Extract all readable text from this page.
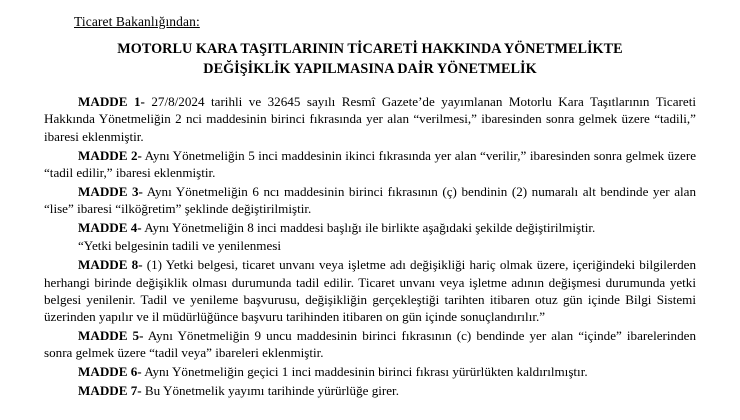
Ticaret Bakanlığından:
MOTORLU KARA TAŞITLARININ TİCARETİ HAKKINDA YÖNETMELİKTE
DEĞİŞİKLİK YAPILMASINA DAİR YÖNETMELİK

MADDE 1- 27/8/2024 tarihli ve 32645 sayılı Resmî Gazete’de yayımlanan Motorlu Kara Taşıtlarının Ticareti Hakkında Yönetmeliğin 2 nci maddesinin birinci fıkrasında yer alan “verilmesi,” ibaresinden sonra gelmek üzere “tadili,” ibaresi eklenmiştir.

MADDE 2- Aynı Yönetmeliğin 5 inci maddesinin ikinci fıkrasında yer alan “verilir,” ibaresinden sonra gelmek üzere “tadil edilir,” ibaresi eklenmiştir.

MADDE 3- Aynı Yönetmeliğin 6 ncı maddesinin birinci fıkrasının (ç) bendinin (2) numaralı alt bendinde yer alan “lise” ibaresi “ilköğretim” şeklinde değiştirilmiştir.

MADDE 4- Aynı Yönetmeliğin 8 inci maddesi başlığı ile birlikte aşağıdaki şekilde değiştirilmiştir.

“Yetki belgesinin tadili ve yenilenmesi

MADDE 8- (1) Yetki belgesi, ticaret unvanı veya işletme adı değişikliği hariç olmak üzere, içeriğindeki bilgilerden herhangi birinde değişiklik olması durumunda tadil edilir. Ticaret unvanı veya işletme adının değişmesi durumunda yetki belgesi yenilenir. Tadil ve yenileme başvurusu, değişikliğin gerçekleştiği tarihten itibaren otuz gün içinde Bilgi Sistemi üzerinden yapılır ve il müdürlüğünce başvuru tarihinden itibaren on gün içinde sonuçlandırılır.”

MADDE 5- Aynı Yönetmeliğin 9 uncu maddesinin birinci fıkrasının (c) bendinde yer alan “içinde” ibarelerinden sonra gelmek üzere “tadil veya” ibareleri eklenmiştir.

MADDE 6- Aynı Yönetmeliğin geçici 1 inci maddesinin birinci fıkrası yürürlükten kaldırılmıştır.

MADDE 7- Bu Yönetmelik yayımı tarihinde yürürlüğe girer.
